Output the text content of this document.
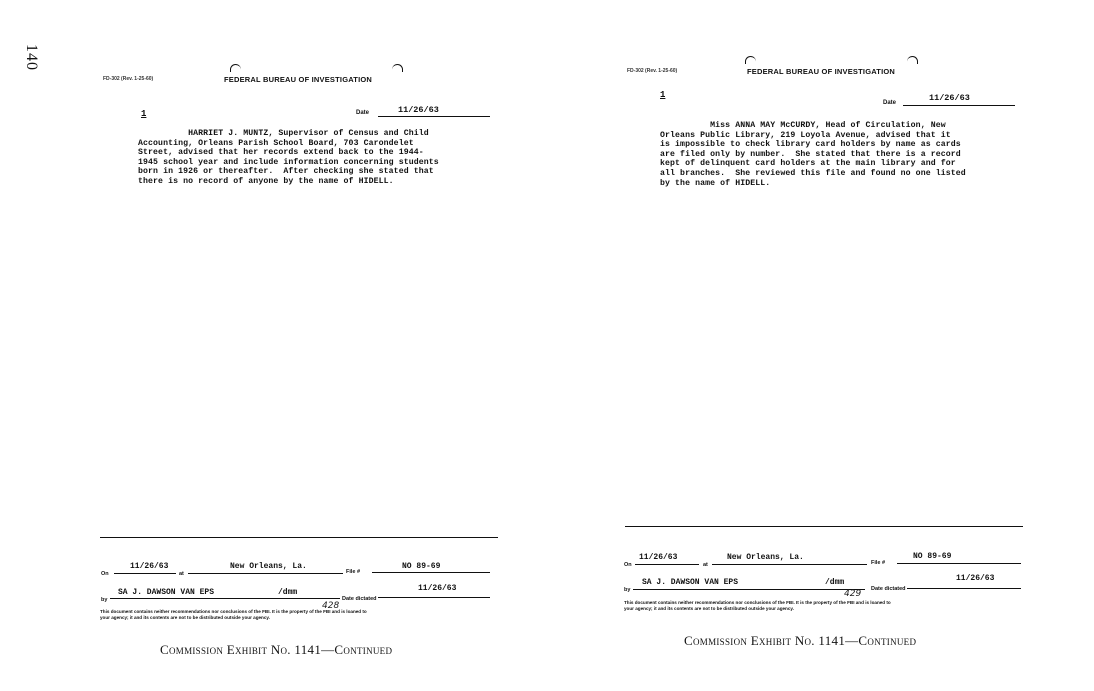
140
FD-302 (Rev. 1-25-60)	FEDERAL BUREAU OF INVESTIGATION
1	Date	11/26/63
HARRIET J. MUNTZ, Supervisor of Census and Child
Accounting, Orleans Parish School Board, 703 Carondelet
Street, advised that her records extend back to the 1944-
1945 school year and include information concerning students
born in 1926 or thereafter.  After checking she stated that
there is no record of anyone by the name of HIDELL.
On
11/26/63
at
New Orleans, La.
File #
NO 89-69
by
SA J. DAWSON VAN EPS	/dmm
Date dictated
11/26/63
428
This document contains neither recommendations nor conclusions of the FBI. It is the property of the FBI and is loaned to
your agency; it and its contents are not to be distributed outside your agency.
Commission Exhibit No. 1141—Continued
FD-302 (Rev. 1-25-60)	FEDERAL BUREAU OF INVESTIGATION
1
Date	11/26/63
Miss ANNA MAY McCURDY, Head of Circulation, New
Orleans Public Library, 219 Loyola Avenue, advised that it
is impossible to check library card holders by name as cards
are filed only by number.  She stated that there is a record
kept of delinquent card holders at the main library and for
all branches.  She reviewed this file and found no one listed
by the name of HIDELL.
On
11/26/63
at
New Orleans, La.
File #
NO 89-69
by
SA J. DAWSON VAN EPS	/dmm
Date dictated
11/26/63
429
This document contains neither recommendations nor conclusions of the FBI. It is the property of the FBI and is loaned to
your agency; it and its contents are not to be distributed outside your agency.
Commission Exhibit No. 1141—Continued
